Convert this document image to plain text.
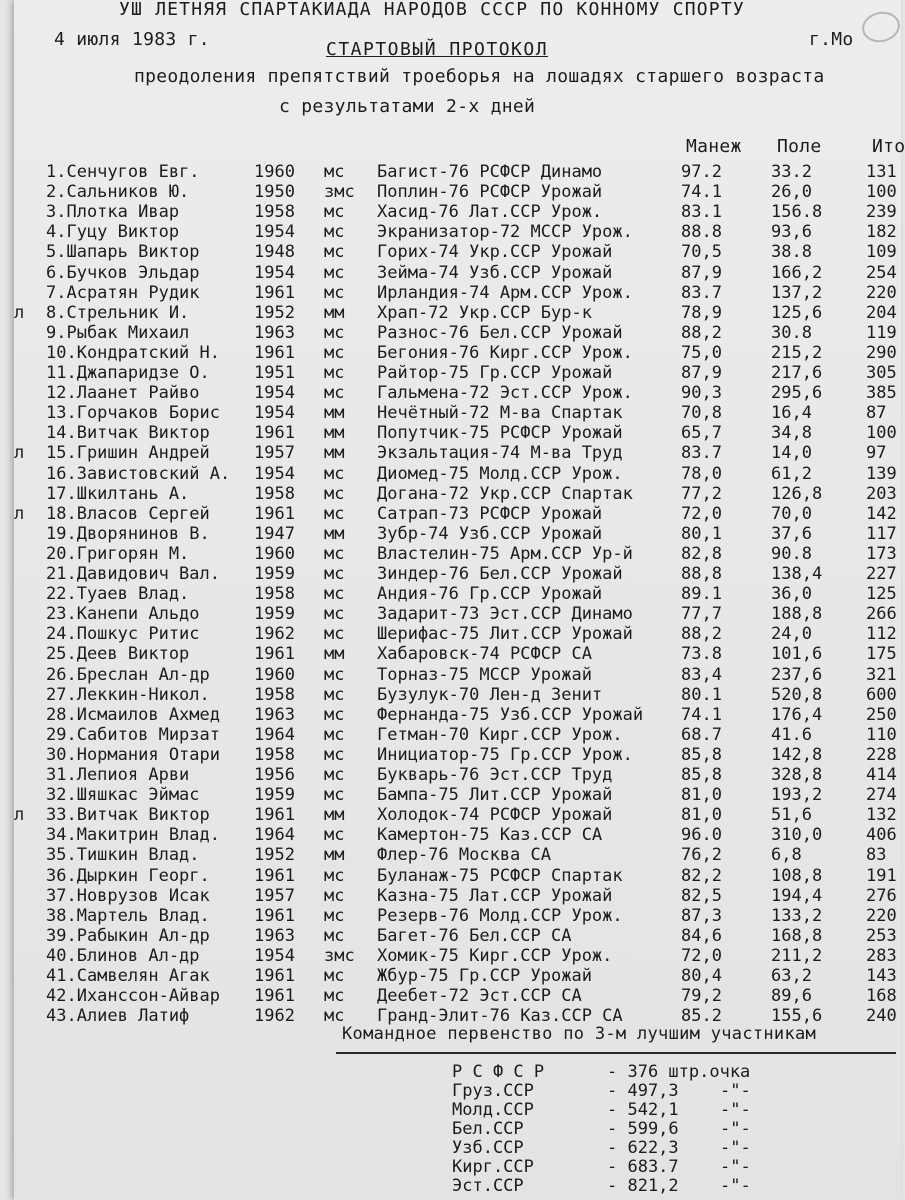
УШ ЛЕТНЯЯ СПАРТАКИАДА НАРОДОВ СССР ПО КОННОМУ СПОРТУ
4 июля 1983 г.	г.Мо
СТАРТОВЫЙ ПРОТОКОЛ
преодоления препятствий троеборья на лошадях старшего возраста
с результатами 2-х дней
Манеж Поле	Ито
1.Сенчугов Евг.	1960 мс Багист-76 РСФСР Динамо	97.2	33.2	131
2.Сальников Ю.	1950 змс Поплин-76 РСФСР Урожай	74.1	26,0	100
3.Плотка Ивар	1958 мс Хасид-76 Лат.ССР Урож.	83.1	156.8	239
4.Гуцу Виктор	1954 мс Экранизатор-72 МССР Урож.	88.8	93,6	182
5.Шапарь Виктор	1948 мс Горих-74 Укр.ССР Урожай	70,5	38.8	109
6.Бучков Эльдар	1954 мс Зейма-74 Узб.ССР Урожай	87,9	166,2	254
7.Асратян Рудик	1961 мс Ирландия-74 Арм.ССР Урож.	83.7	137,2	220
л 8.Стрельник И.	1952 мм Храп-72 Укр.ССР Бур-к	78,9	125,6	204
9.Рыбак Михаил	1963 мс Разнос-76 Бел.ССР Урожай	88,2	30.8	119
10.Кондратский Н. 1961 мс Бегония-76 Кирг.ССР Урож.	75,0	215,2	290
11.Джапаридзе О.	1951 мс Райтор-75 Гр.ССР Урожай	87,9	217,6	305
12.Лаанет Райво	1954 мс Гальмена-72 Эст.ССР Урож.	90,3	295,6	385
13.Горчаков Борис 1954 мм Нечётный-72 М-ва Спартак	70,8	16,4	87
14.Витчак Виктор	1961 мм Попутчик-75 РСФСР Урожай	65,7	34,8	100
л 15.Гришин Андрей	1957 мм Экзальтация-74 М-ва Труд	83.7	14,0	97
16.Завистовский А. 1954 мс Диомед-75 Молд.ССР Урож.	78,0	61,2	139
17.Шкилтань А.	1958 мс Догана-72 Укр.ССР Спартак	77,2	126,8	203
л 18.Власов Сергей	1961 мс Сатрап-73 РСФСР Урожай	72,0	70,0	142
19.Дворянинов В.	1947 мм Зубр-74 Узб.ССР Урожай	80,1	37,6	117
20.Григорян М.	1960 мс Властелин-75 Арм.ССР Ур-й	82,8	90.8	173
21.Давидович Вал. 1959 мс Зиндер-76 Бел.ССР Урожай	88,8	138,4	227
22.Туаев Влад.	1958 мс Андия-76 Гр.ССР Урожай	89.1	36,0	125
23.Канепи Альдо	1959 мс Задарит-73 Эст.ССР Динамо	77,7	188,8	266
24.Пошкус Ритис	1962 мс Шерифас-75 Лит.ССР Урожай	88,2	24,0	112
25.Деев Виктор	1961 мм Хабаровск-74 РСФСР СА	73.8	101,6	175
26.Бреслан Ал-др	1960 мс Торназ-75 МССР Урожай	83,4	237,6	321
27.Леккин-Никол.	1958 мс Бузулук-70 Лен-д Зенит	80.1	520,8	600
28.Исмаилов Ахмед 1963 мс Фернанда-75 Узб.ССР Урожай 74.1	176,4	250
29.Сабитов Мирзат 1964 мс Гетман-70 Кирг.ССР Урож.	68.7	41.6	110
30.Нормания Отари 1958 мс Инициатор-75 Гр.ССР Урож.	85,8	142,8	228
31.Лепиоя Арви	1956 мс Букварь-76 Эст.ССР Труд	85,8	328,8	414
32.Шяшкас Эймас	1959 мс Бампа-75 Лит.ССР Урожай	81,0	193,2	274
л 33.Витчак Виктор	1961 мм Холодок-74 РСФСР Урожай	81,0	51,6	132
34.Макитрин Влад. 1964 мс Камертон-75 Каз.ССР СА	96.0	310,0	406
35.Тишкин Влад.	1952 мм Флер-76 Москва СА	76,2	6,8	83
36.Дыркин Георг.	1961 мс Буланаж-75 РСФСР Спартак	82,2	108,8	191
37.Новрузов Исак	1957 мс Казна-75 Лат.ССР Урожай	82,5	194,4	276
38.Мартель Влад.	1961 мс Резерв-76 Молд.ССР Урож.	87,3	133,2	220
39.Рабыкин Ал-др	1963 мс Багет-76 Бел.ССР СА	84,6	168,8	253
40.Блинов Ал-др	1954 змс Хомик-75 Кирг.ССР Урож.	72,0	211,2	283
41.Самвелян Агак	1961 мс Жбур-75 Гр.ССР Урожай	80,4	63,2	143
42.Иханссон-Айвар 1961 мс Деебет-72 Эст.ССР СА	79,2	89,6	168
43.Алиев Латиф	1962 мс Гранд-Элит-76 Каз.ССР СА	85.2	155,6	240
Командное первенство по 3-м лучшим участникам
Р С Ф С Р	- 376 штр.очка
Груз.ССР	- 497,3 -"-
Молд.ССР	- 542,1 -"-
Бел.ССР	- 599,6 -"-
Узб.ССР	- 622,3 -"-
Кирг.ССР	- 683.7 -"-
Эст.ССР	- 821,2 -"-
